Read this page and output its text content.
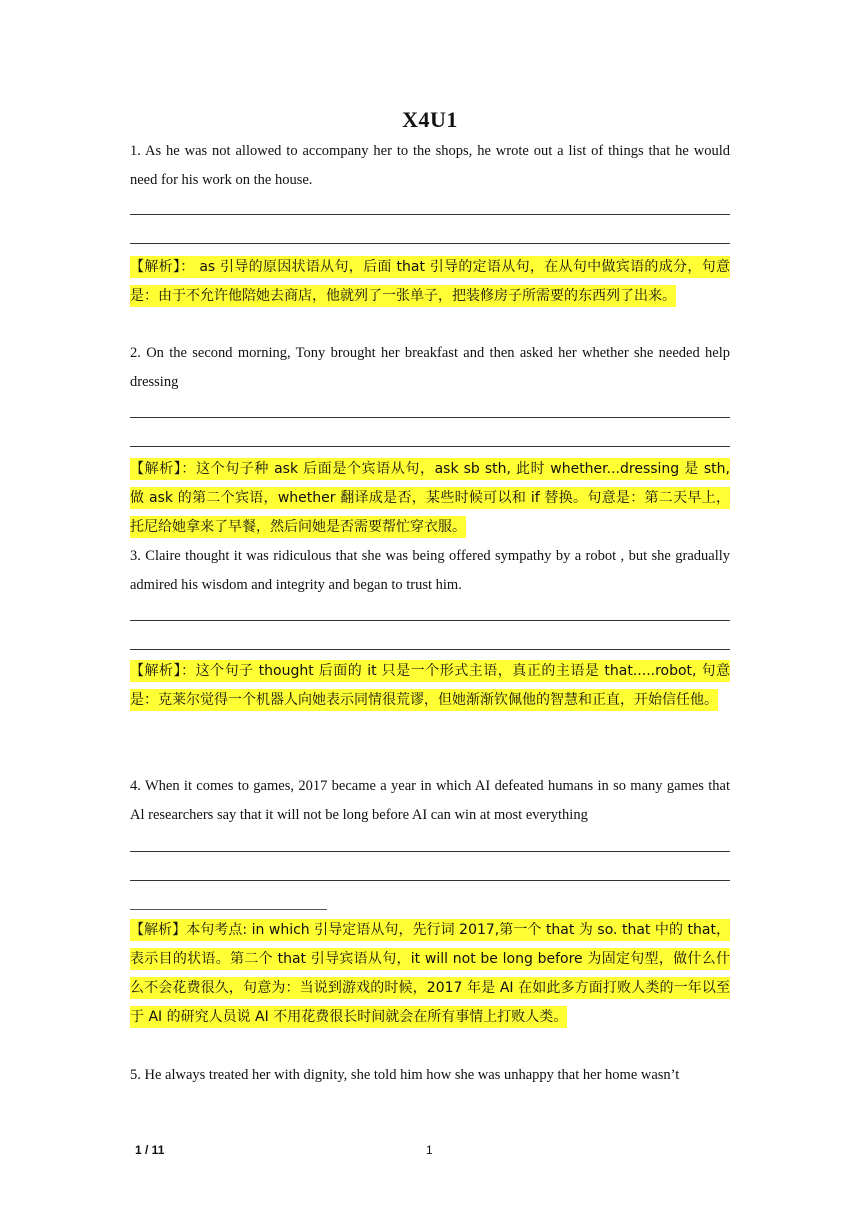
X4U1
1. As he was not allowed to accompany her to the shops, he wrote out a list of things that he would need for his work on the house.
【解析】： as 引导的原因状语从句，后面 that 引导的定语从句，在从句中做宾语的成分，句意是：由于不允许他陪她去商店，他就列了一张单子，把装修房子所需要的东西列了出来。
2. On the second morning, Tony brought her breakfast and then asked her whether she needed help dressing
【解析】：这个句子种 ask 后面是个宾语从句，ask sb sth, 此时 whether...dressing 是 sth, 做 ask 的第二个宾语，whether 翻译成是否，某些时候可以和 if 替换。句意是：第二天早上，托尼给她拿来了早餐，然后问她是否需要帮忙穿衣服。
3. Claire thought it was ridiculous that she was being offered sympathy by a robot , but she gradually admired his wisdom and integrity and began to trust him.
【解析】：这个句子 thought 后面的 it 只是一个形式主语，真正的主语是 that.....robot, 句意是：克莱尔觉得一个机器人向她表示同情很荒谬，但她渐渐钦佩他的智慧和正直，开始信任他。
4. When it comes to games, 2017 became a year in which AI defeated humans in so many games that Al researchers say that it will not be long before AI can win at most everything
【解析】本句考点: in which 引导定语从句，先行词 2017,第一个 that 为 so. that 中的 that，表示目的状语。第二个 that 引导宾语从句，it will not be long before 为固定句型，做什么什么不会花费很久，句意为：当说到游戏的时候，2017 年是 AI 在如此多方面打败人类的一年以至于 AI 的研究人员说 AI 不用花费很长时间就会在所有事情上打败人类。
5. He always treated her with dignity, she told him how she was unhappy that her home wasn’t
1 / 11	1
